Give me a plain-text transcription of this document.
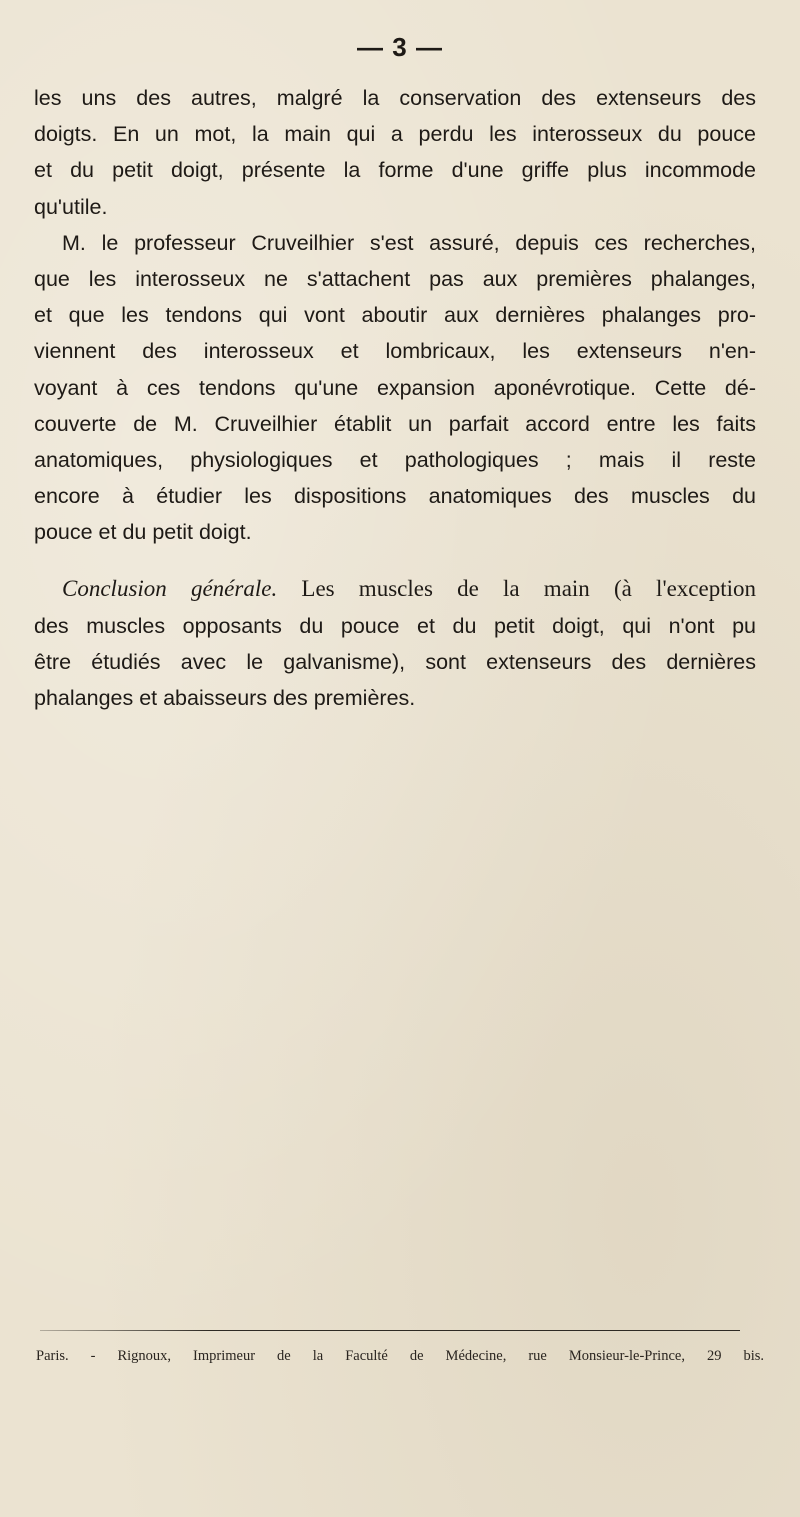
— 3 —
les uns des autres, malgré la conservation des extenseurs des
doigts. En un mot, la main qui a perdu les interosseux du pouce
et du petit doigt, présente la forme d'une griffe plus incommode
qu'utile.
M. le professeur Cruveilhier s'est assuré, depuis ces recherches,
que les interosseux ne s'attachent pas aux premières phalanges,
et que les tendons qui vont aboutir aux dernières phalanges pro-
viennent des interosseux et lombricaux, les extenseurs n'en-
voyant à ces tendons qu'une expansion aponévrotique. Cette dé-
couverte de M. Cruveilhier établit un parfait accord entre les faits
anatomiques, physiologiques et pathologiques ; mais il reste
encore à étudier les dispositions anatomiques des muscles du
pouce et du petit doigt.
Conclusion générale. Les muscles de la main (à l'exception
des muscles opposants du pouce et du petit doigt, qui n'ont pu
être étudiés avec le galvanisme), sont extenseurs des dernières
phalanges et abaisseurs des premières.
Paris. - Rignoux, Imprimeur de la Faculté de Médecine, rue Monsieur-le-Prince, 29 bis.
